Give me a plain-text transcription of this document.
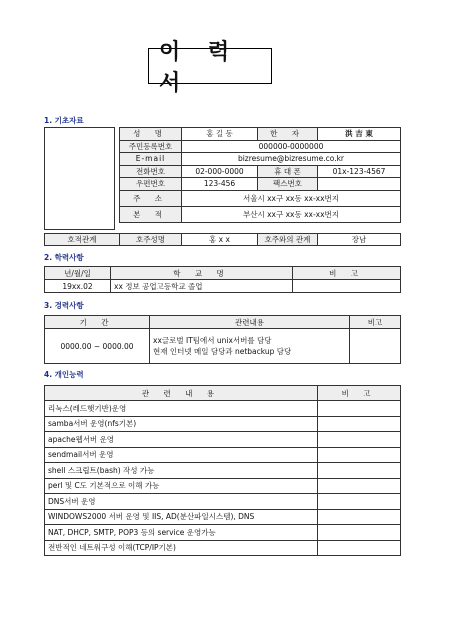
이 력 서
1. 기초자료
성 명	홍 길 동	한 자	洪 吉 東
주민등록번호	000000-0000000		
E-mail	bizresume@bizresume.co.kr		
전화번호	02-000-0000	휴 대 폰	01x-123-4567
우편번호	123-456	팩스번호	
주 소	서울시 xx구 xx동 xx-xx번지		
본 적	부산시 xx구 xx동 xx-xx번지		
호적관계	호주성명	홍 x x	호주와의 관계	장남
2. 학력사항
년/월/일	학 교 명	비 고
19xx.02	xx 정보 공업고등학교 졸업	
3. 경력사항
기 간	관련내용	비고
0000.00 ~ 0000.00	xx글로벌 IT팀에서 unix서버를 담당
현재 인터넷 메일 담당과 netbackup 담당	

4. 개인능력
관 련 내 용	비 고
리눅스(레드햇기반)운영	
samba서버 운영(nfs기본)	
apache웹서버 운영	
sendmail서버 운영	
shell 스크립트(bash) 작성 가능	
perl 및 C도 기본적으로 이해 가능	
DNS서버 운영	
WINDOWS2000 서버 운영 및 IIS, AD(분산파일시스템), DNS	
NAT, DHCP, SMTP, POP3 등의 service 운영가능	
전반적인 네트워구성 이해(TCP/IP기본)	
